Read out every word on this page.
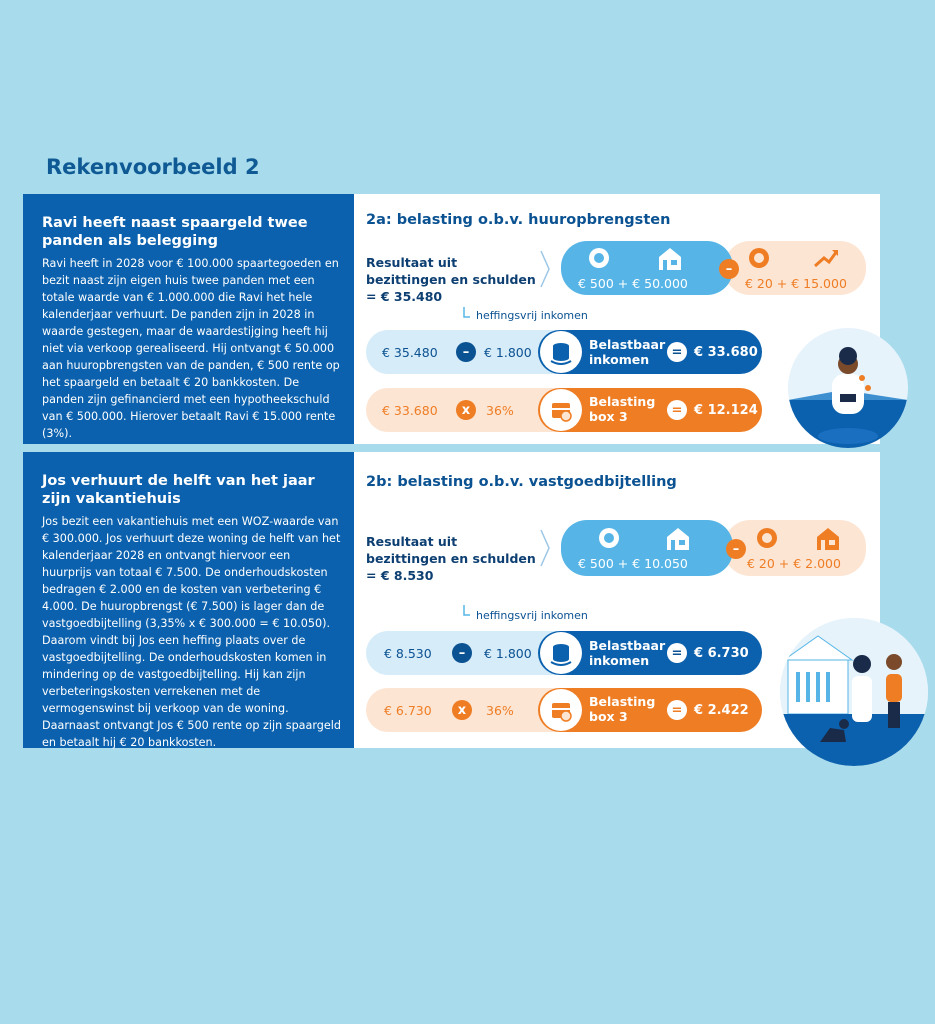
Rekenvoorbeeld 2
Ravi heeft naast spaargeld twee panden als belegging

Ravi heeft in 2028 voor € 100.000 spaartegoeden en bezit naast zijn eigen huis twee panden met een totale waarde van € 1.000.000 die Ravi het hele kalenderjaar verhuurt. De panden zijn in 2028 in waarde gestegen, maar de waardestijging heeft hij niet via verkoop gerealiseerd. Hij ontvangt € 50.000 aan huuropbrengsten van de panden, € 500 rente op het spaargeld en betaalt € 20 bankkosten. De panden zijn gefinancierd met een hypotheekschuld van € 500.000. Hierover betaalt Ravi € 15.000 rente (3%).

2a: belasting o.b.v. huuropbrengsten
Resultaat uit bezittingen en schulden = € 35.480
€ 500 + € 50.000
–
€ 20 + € 15.000
heffingsvrij inkomen
€ 35.480	–	€ 1.800
Belastbaar inkomen	= € 33.680
€ 33.680	x	36%
Belasting box 3	= € 12.124
Jos verhuurt de helft van het jaar zijn vakantiehuis

Jos bezit een vakantiehuis met een WOZ-waarde van € 300.000. Jos verhuurt deze woning de helft van het kalenderjaar 2028 en ontvangt hiervoor een huurprijs van totaal € 7.500. De onderhoudskosten bedragen € 2.000 en de kosten van verbetering € 4.000. De huuropbrengst (€ 7.500) is lager dan de vastgoedbijtelling (3,35% x € 300.000 = € 10.050). Daarom vindt bij Jos een heffing plaats over de vastgoedbijtelling. De onderhoudskosten komen in mindering op de vastgoedbijtelling. Hij kan zijn verbeteringskosten verrekenen met de vermogenswinst bij verkoop van de woning. Daarnaast ontvangt Jos € 500 rente op zijn spaargeld en betaalt hij € 20 bankkosten.

2b: belasting o.b.v. vastgoedbijtelling
Resultaat uit bezittingen en schulden = € 8.530
€ 500 + € 10.050
–
€ 20 + € 2.000
heffingsvrij inkomen
€ 8.530	–	€ 1.800
Belastbaar inkomen	= € 6.730
€ 6.730	x	36%
Belasting box 3	= € 2.422
